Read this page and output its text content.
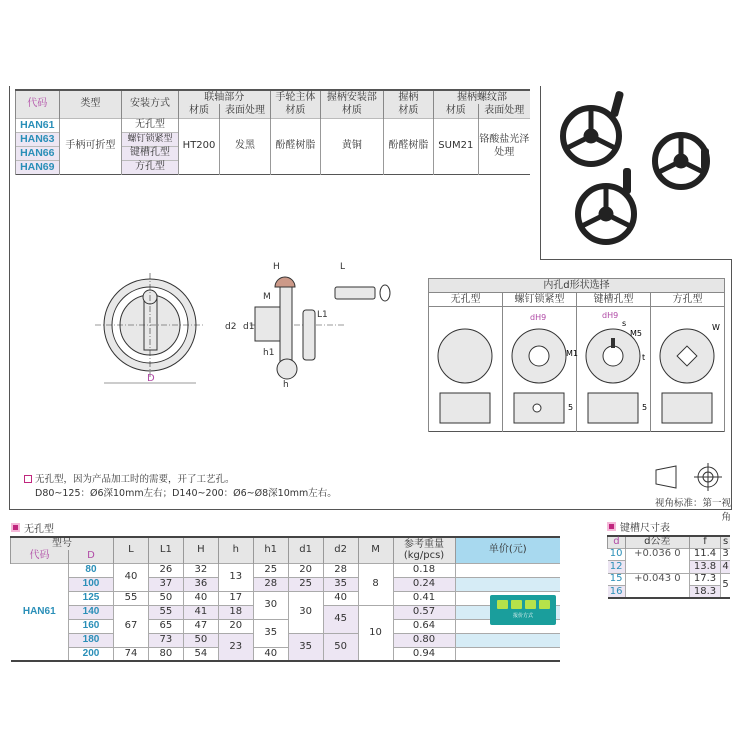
代码	类型	安装方式	联轴部分		手轮主体	握柄安装部	握柄	握柄螺纹部	
			材质	表面处理	材质	材质	材质	材质	表面处理
HAN61	手柄可折型	无孔型	HT200	发黑	酚醛树脂	黄铜	酚醛树脂	SUM21	铬酸盐光泽处理
HAN63		螺钉锁紧型							
HAN66		键槽孔型							
HAN69		方孔型							
D
H	L
M
L1
d2 d1
h1
h
内孔d形状选择			
无孔型	螺钉锁紧型	键槽孔型	方孔型

dH9
M1
5	dH9
s
M5
t
5	W
无孔型，因为产品加工时的需要，开了工艺孔。
D80~125：Ø6深10mm左右；D140~200：Ø6~Ø8深10mm左右。
视角标准：第一视角
无孔型
型号		L	L1	H	h	h1	d1	d2	M	参考重量(kg/pcs)	单价(元)
代码	D										
HAN61	80	40	26	32	13	25	20	28	8	0.18	
	100		37	36		28	25	35		0.24	
	125	55	50	40	17	30	30	40		0.41	
	140	67	55	41	18			45	10	0.57	
	160		65	47	20	35				0.64	
	180		73	50	23		35	50		0.80	
	200	74	80	54		40				0.94	
报价方式
键槽尺寸表
d	d公差	f	s
10	+0.036 0	11.4	3
12		13.8	4
15	+0.043 0	17.3	5
16		18.3	
